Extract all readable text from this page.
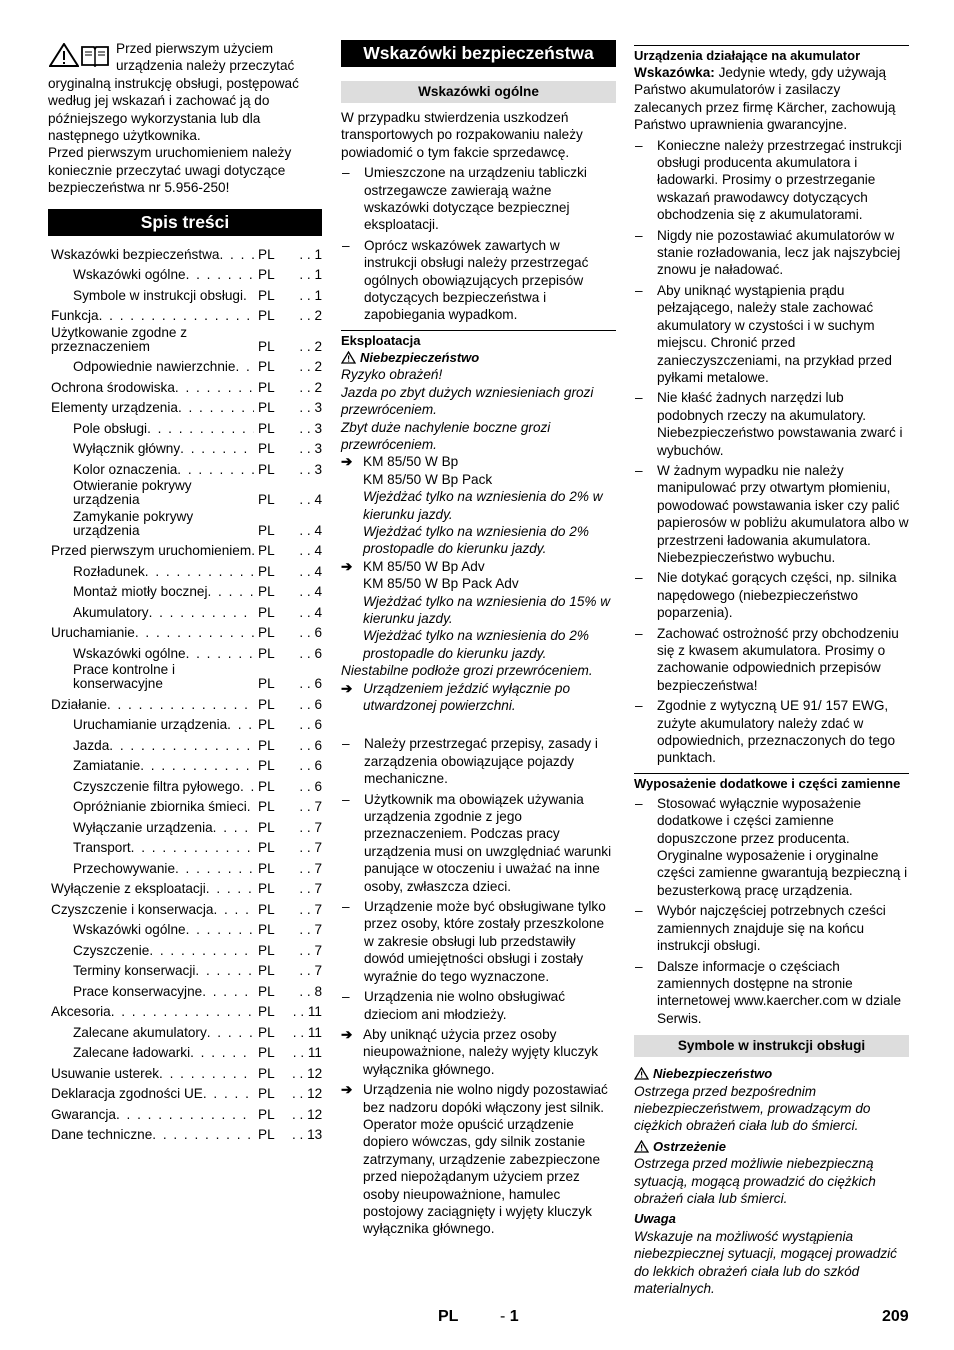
Przed pierwszym użyciem urządzenia należy przeczytać oryginalną instrukcję obsługi, postępować według jej wskazań i zachować ją do późniejszego wykorzystania lub dla następnego użytkownika.

Przed pierwszym uruchomieniem należy koniecznie przeczytać uwagi dotyczące bezpieczeństwa nr 5.956-250!

Spis treści
Wskazówki bezpieczeństwa . . .	PL	. . 1
Wskazówki ogólne . . .	PL	. . 1
Symbole w instrukcji obsługi . . . PL	. . 1
Funkcja . . .	PL	. . 2
Użytkowanie zgodne z przeznaczeniem	PL	. . 2
Odpowiednie nawierzchnie . . . PL	. . 2
Ochrona środowiska . . .	PL	. . 2
Elementy urządzenia . . .	PL	. . 3
Pole obsługi . . .	PL	. . 3
Wyłącznik główny . . .	PL	. . 3
Kolor oznaczenia . . .	PL	. . 3
Otwieranie pokrywy urządzenia	PL	. . 4
Zamykanie pokrywy urządzenia	PL	. . 4
Przed pierwszym uruchomieniem . . . PL	. . 4
Rozładunek . . .	PL	. . 4
Montaż miotły bocznej . . .	PL	. . 4
Akumulatory . . .	PL	. . 4
Uruchamianie . . .	PL	. . 6
Wskazówki ogólne . . .	PL	. . 6
Prace kontrolne i konserwacyjne	PL	. . 6
Działanie . . .	PL	. . 6
Uruchamianie urządzenia . . . PL	. . 6
Jazda . . .	PL	. . 6
Zamiatanie . . .	PL	. . 6
Czyszczenie filtra pyłowego . . . PL	. . 6
Opróżnianie zbiornika śmieci . . . PL	. . 7
Wyłączanie urządzenia . . .	PL	. . 7
Transport . . .	PL	. . 7
Przechowywanie . . .	PL	. . 7
Wyłączenie z eksploatacji . . .	PL	. . 7
Czyszczenie i konserwacja . . .	PL	. . 7
Wskazówki ogólne . . .	PL	. . 7
Czyszczenie . . .	PL	. . 7
Terminy konserwacji . . .	PL	. . 7
Prace konserwacyjne . . .	PL	. . 8
Akcesoria . . .	PL	. . 11
Zalecane akumulatory . . .	PL	. . 11
Zalecane ładowarki . . .	PL	. . 11
Usuwanie usterek . . .	PL	. . 12
Deklaracja zgodności UE . . .	PL	. . 12
Gwarancja . . .	PL	. . 12
Dane techniczne . . .	PL	. . 13
Wskazówki bezpieczeństwa
Wskazówki ogólne

W przypadku stwierdzenia uszkodzeń transportowych po rozpakowaniu należy powiadomić o tym fakcie sprzedawcę.

–	Umieszczone na urządzeniu tabliczki ostrzegawcze zawierają ważne wskazówki dotyczące bezpiecznej eksploatacji.
–	Oprócz wskazówek zawartych w instrukcji obsługi należy przestrzegać ogólnych obowiązujących przepisów dotyczących bezpieczeństwa i zapobiegania wypadkom.
Eksploatacja
Niebezpieczeństwo

Ryzyko obrażeń!

Jazda po zbyt dużych wzniesieniach grozi przewróceniem.

Zbyt duże nachylenie boczne grozi przewróceniem.

➔ KM 85/50 W Bp

KM 85/50 W Bp Pack

Wjeżdżać tylko na wzniesienia do 2% w kierunku jazdy.

Wjeżdżać tylko na wzniesienia do 2% prostopadle do kierunku jazdy.

➔ KM 85/50 W Bp Adv

KM 85/50 W Bp Pack Adv

Wjeżdżać tylko na wzniesienia do 15% w kierunku jazdy.

Wjeżdżać tylko na wzniesienia do 2% prostopadle do kierunku jazdy.

Niestabilne podłoże grozi przewróceniem.

➔ Urządzeniem jeździć wyłącznie po utwardzonej powierzchni.
–	Należy przestrzegać przepisy, zasady i zarządzenia obowiązujące pojazdy mechaniczne.
–	Użytkownik ma obowiązek używania urządzenia zgodnie z jego przeznaczeniem. Podczas pracy urządzenia musi on uwzględniać warunki panujące w otoczeniu i uważać na inne osoby, zwłaszcza dzieci.
–	Urządzenie może być obsługiwane tylko przez osoby, które zostały przeszkolone w zakresie obsługi lub przedstawiły dowód umiejętności obsługi i zostały wyraźnie do tego wyznaczone.
–	Urządzenia nie wolno obsługiwać dzieciom ani młodzieży.
➔ Aby uniknąć użycia przez osoby nieupoważnione, należy wyjęty kluczyk wyłącznika głównego.
➔ Urządzenia nie wolno nigdy pozostawiać bez nadzoru dopóki włączony jest silnik. Operator może opuścić urządzenie dopiero wówczas, gdy silnik zostanie zatrzymany, urządzenie zabezpieczone przed niepożądanym użyciem przez osoby nieupoważnione, hamulec postojowy zaciągnięty i wyjęty kluczyk wyłącznika głównego.
Urządzenia działające na akumulator

Wskazówka: Jedynie wtedy, gdy używają Państwo akumulatorów i zasilaczy zalecanych przez firmę Kärcher, zachowują Państwo uprawnienia gwarancyjne.

–	Konieczne należy przestrzegać instrukcji obsługi producenta akumulatora i ładowarki. Prosimy o przestrzeganie wskazań prawodawcy dotyczących obchodzenia się z akumulatorami.
–	Nigdy nie pozostawiać akumulatorów w stanie rozładowania, lecz jak najszybciej znowu je naładować.
–	Aby uniknąć wystąpienia prądu pełzającego, należy stale zachować akumulatory w czystości i w suchym miejscu. Chronić przed zanieczyszczeniami, na przykład przed pyłkami metalowe.
–	Nie kłaść żadnych narzędzi lub podobnych rzeczy na akumulatory. Niebezpieczeństwo powstawania zwarć i wybuchów.
–	W żadnym wypadku nie należy manipulować przy otwartym płomieniu, powodować powstawania isker czy palić papierosów w pobliżu akumulatora albo w przestrzeni ładowania akumulatora. Niebezpieczeństwo wybuchu.
–	Nie dotykać gorących części, np. silnika napędowego (niebezpieczeństwo poparzenia).
–	Zachować ostrożność przy obchodzeniu się z kwasem akumulatora. Prosimy o zachowanie odpowiednich przepisów bezpieczeństwa!
–	Zgodnie z wytyczną UE 91/ 157 EWG, zużyte akumulatory należy zdać w odpowiednich, przeznaczonych do tego punktach.
Wyposażenie dodatkowe i części zamienne
–	Stosować wyłącznie wyposażenie dodatkowe i części zamienne dopuszczone przez producenta. Oryginalne wyposażenie i oryginalne części zamienne gwarantują bezpieczną i bezusterkową pracę urządzenia.
–	Wybór najczęściej potrzebnych cześci zamiennych znajduje się na końcu instrukcji obsługi.
–	Dalsze informacje o częściach zamiennych dostępne na stronie internetowej www.kaercher.com w dziale Serwis.
Symbole w instrukcji obsługi
Niebezpieczeństwo

Ostrzega przed bezpośrednim niebezpieczeństwem, prowadzącym do ciężkich obrażeń ciała lub do śmierci.

Ostrzeżenie

Ostrzega przed możliwie niebezpieczną sytuacją, mogącą prowadzić do ciężkich obrażeń ciała lub śmierci.

Uwaga

Wskazuje na możliwość wystąpienia niebezpiecznej sytuacji, mogącej prowadzić do lekkich obrażeń ciała lub do szkód materialnych.

PL	- 1	209
